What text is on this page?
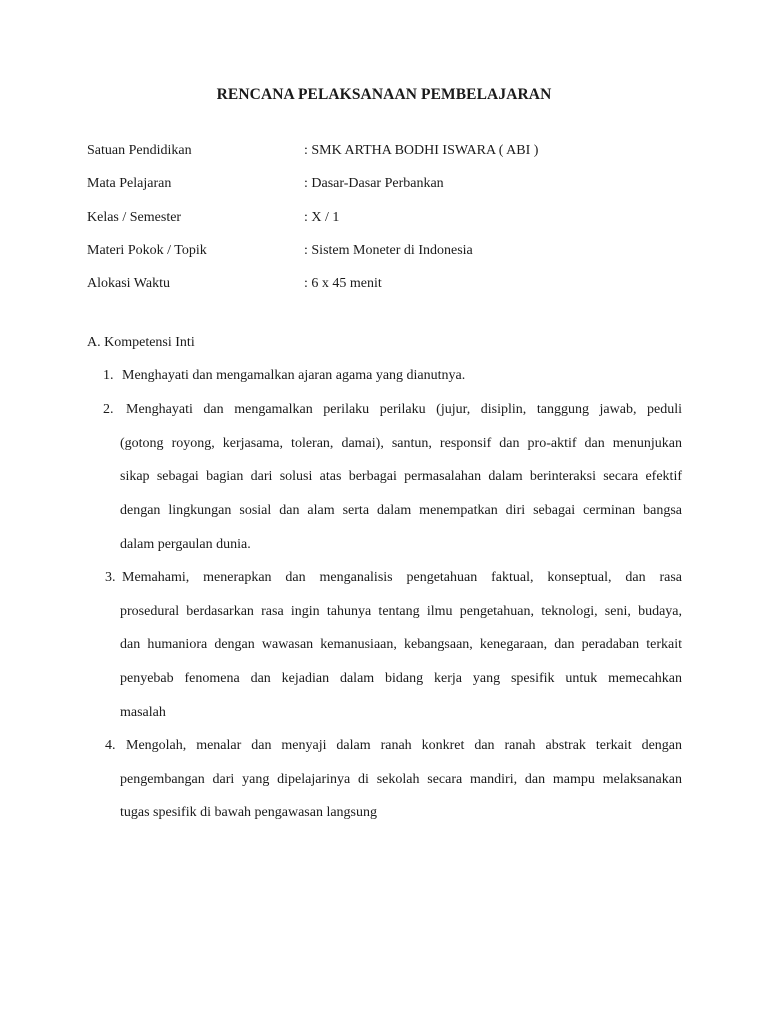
RENCANA PELAKSANAAN PEMBELAJARAN
Satuan Pendidikan	: SMK ARTHA BODHI ISWARA ( ABI )
Mata Pelajaran	: Dasar-Dasar Perbankan
Kelas / Semester	: X / 1
Materi Pokok / Topik	: Sistem Moneter di Indonesia
Alokasi Waktu	: 6 x 45 menit
A. Kompetensi Inti
1. Menghayati dan mengamalkan ajaran agama yang dianutnya.
2. Menghayati dan mengamalkan perilaku perilaku (jujur, disiplin, tanggung jawab, peduli
(gotong royong, kerjasama, toleran, damai), santun, responsif dan pro-aktif dan menunjukan
sikap sebagai bagian dari solusi atas berbagai permasalahan dalam berinteraksi secara efektif
dengan lingkungan sosial dan alam serta dalam menempatkan diri sebagai cerminan bangsa
dalam pergaulan dunia.
3. Memahami, menerapkan dan menganalisis pengetahuan faktual, konseptual, dan rasa
prosedural berdasarkan rasa ingin tahunya tentang ilmu pengetahuan, teknologi, seni, budaya,
dan humaniora dengan wawasan kemanusiaan, kebangsaan, kenegaraan, dan peradaban terkait
penyebab fenomena dan kejadian dalam bidang kerja yang spesifik untuk memecahkan
masalah
4. Mengolah, menalar dan menyaji dalam ranah konkret dan ranah abstrak terkait dengan
pengembangan dari yang dipelajarinya di sekolah secara mandiri, dan mampu melaksanakan
tugas spesifik di bawah pengawasan langsung
